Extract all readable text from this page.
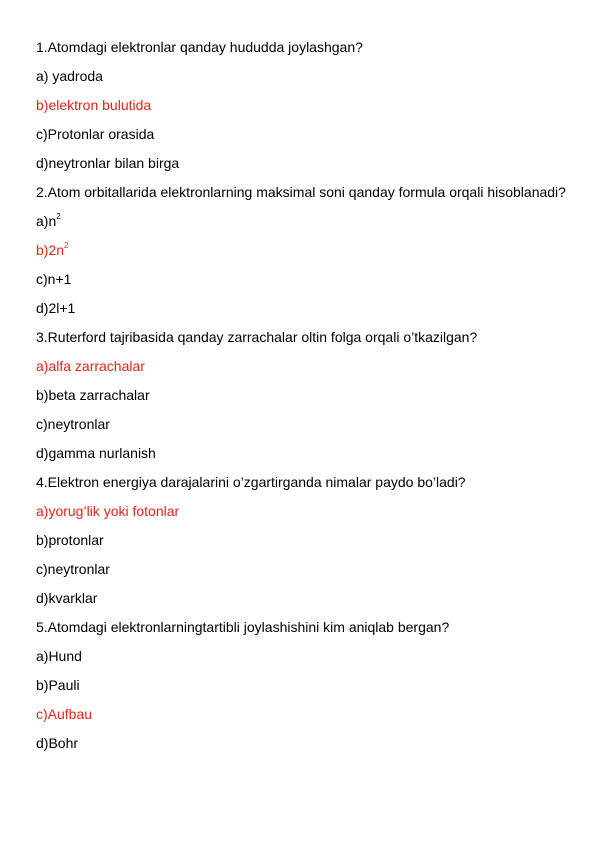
1.Atomdagi elektronlar qanday hududda joylashgan?
a) yadroda
b)elektron bulutida
c)Protonlar orasida
d)neytronlar bilan birga
2.Atom orbitallarida elektronlarning maksimal soni qanday formula orqali hisoblanadi?
$a)n^2$
$b)2n^2$
c)n+1
d)2l+1
3.Ruterford tajribasida qanday zarrachalar oltin folga orqali o’tkazilgan?
a)alfa zarrachalar
b)beta zarrachalar
c)neytronlar
d)gamma nurlanish
4.Elektron energiya darajalarini o’zgartirganda nimalar paydo bo’ladi?
a)yorug’lik yoki fotonlar
b)protonlar
c)neytronlar
d)kvarklar
5.Atomdagi elektronlarningtartibli joylashishini kim aniqlab bergan?
a)Hund
b)Pauli
c)Aufbau
d)Bohr
